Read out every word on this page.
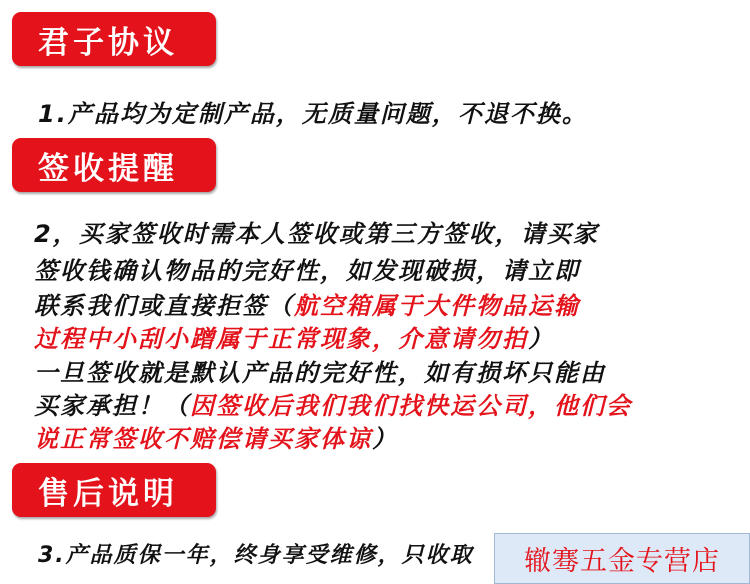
君子协议
1.产品均为定制产品，无质量问题，不退不换。
签收提醒
2，买家签收时需本人签收或第三方签收，请买家
签收钱确认物品的完好性，如发现破损，请立即
联系我们或直接拒签（航空箱属于大件物品运输
过程中小刮小蹭属于正常现象，介意请勿拍）
一旦签收就是默认产品的完好性，如有损坏只能由
买家承担！（因签收后我们我们找快运公司，他们会
说正常签收不赔偿请买家体谅）
售后说明
3.产品质保一年，终身享受维修，只收取 辙骞五金专营店
